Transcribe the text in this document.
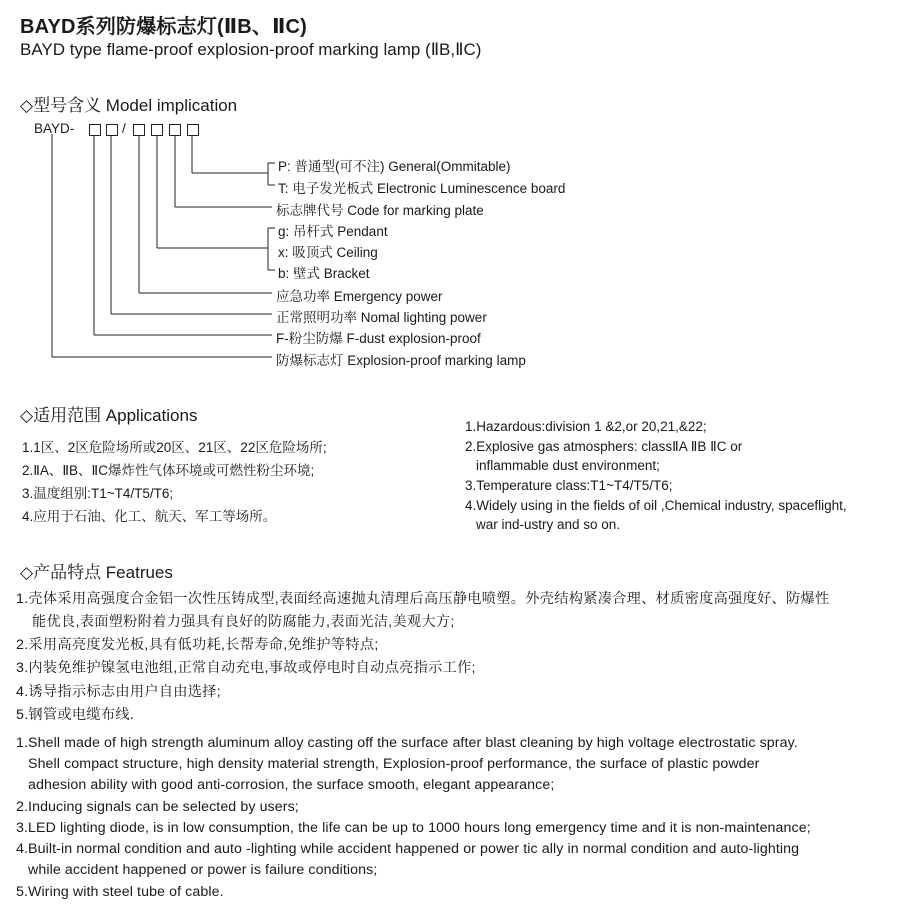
BAYD系列防爆标志灯(ⅡB、ⅡC)
BAYD type flame-proof explosion-proof marking lamp (ⅡB,ⅡC)
◇型号含义 Model implication
BAYD-	/
P: 普通型(可不注) General(Ommitable)
T: 电子发光板式 Electronic Luminescence board
标志牌代号 Code for marking plate
g: 吊杆式 Pendant
x: 吸顶式 Ceiling
b: 壁式 Bracket
应急功率 Emergency power
正常照明功率 Nomal lighting power
F-粉尘防爆 F-dust explosion-proof
防爆标志灯 Explosion-proof marking lamp
◇适用范围 Applications
1.1区、2区危险场所或20区、21区、22区危险场所;
2.ⅡA、ⅡB、ⅡC爆炸性气体环境或可燃性粉尘环境;
3.温度组别:T1~T4/T5/T6;
4.应用于石油、化工、航天、军工等场所。
1.Hazardous:division 1 &2,or 20,21,&22;
2.Explosive gas atmosphers: classⅡA ⅡB ⅡC or
inflammable dust environment;
3.Temperature class:T1~T4/T5/T6;
4.Widely using in the fields of oil ,Chemical industry, spaceflight,
war ind-ustry and so on.
◇产品特点 Featrues
1.壳体采用高强度合金铝一次性压铸成型,表面经高速抛丸清理后高压静电喷塑。外壳结构紧凑合理、材质密度高强度好、防爆性
能优良,表面塑粉附着力强具有良好的防腐能力,表面光洁,美观大方;
2.采用高亮度发光板,具有低功耗,长帮寿命,免维护等特点;
3.内装免维护镍氢电池组,正常自动充电,事故或停电时自动点亮指示工作;
4.诱导指示标志由用户自由选择;
5.钢管或电缆布线.
1.Shell made of high strength aluminum alloy casting off the surface after blast cleaning by high voltage electrostatic spray.
Shell compact structure, high density material strength, Explosion-proof performance, the surface of plastic powder
adhesion ability with good anti-corrosion, the surface smooth, elegant appearance;
2.Inducing signals can be selected by users;
3.LED lighting diode, is in low consumption, the life can be up to 1000 hours long emergency time and it is non-maintenance;
4.Built-in normal condition and auto -lighting while accident happened or power tic ally in normal condition and auto-lighting
while accident happened or power is failure conditions;
5.Wiring with steel tube of cable.
